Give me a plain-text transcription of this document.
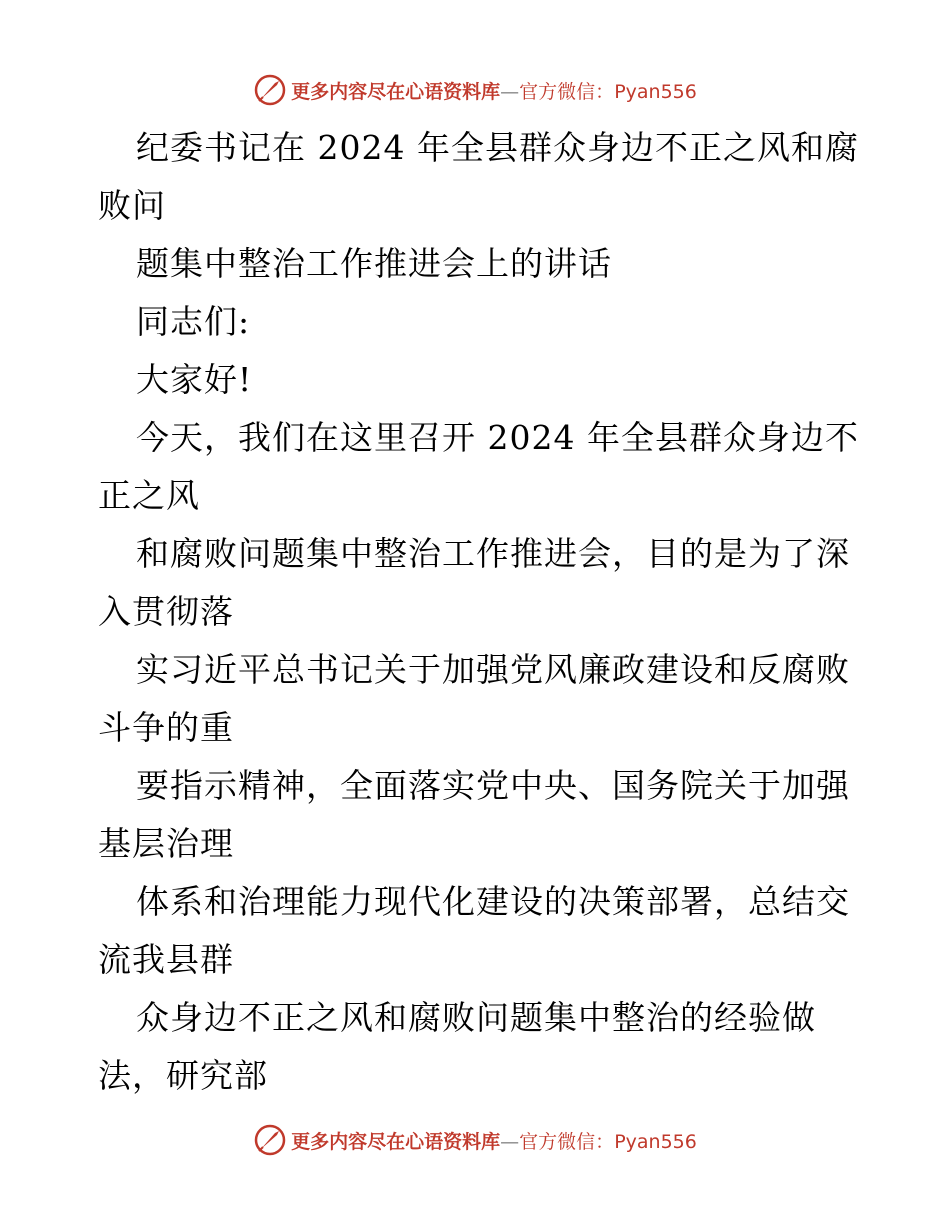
更多内容尽在心语资料库—官方微信：Pyan556
纪委书记在 2024 年全县群众身边不正之风和腐
败问
题集中整治工作推进会上的讲话
同志们:
大家好!
今天，我们在这里召开 2024 年全县群众身边不
正之风
和腐败问题集中整治工作推进会，目的是为了深
入贯彻落
实习近平总书记关于加强党风廉政建设和反腐败
斗争的重
要指示精神，全面落实党中央、国务院关于加强
基层治理
体系和治理能力现代化建设的决策部署，总结交
流我县群
众身边不正之风和腐败问题集中整治的经验做
法，研究部
更多内容尽在心语资料库—官方微信：Pyan556
